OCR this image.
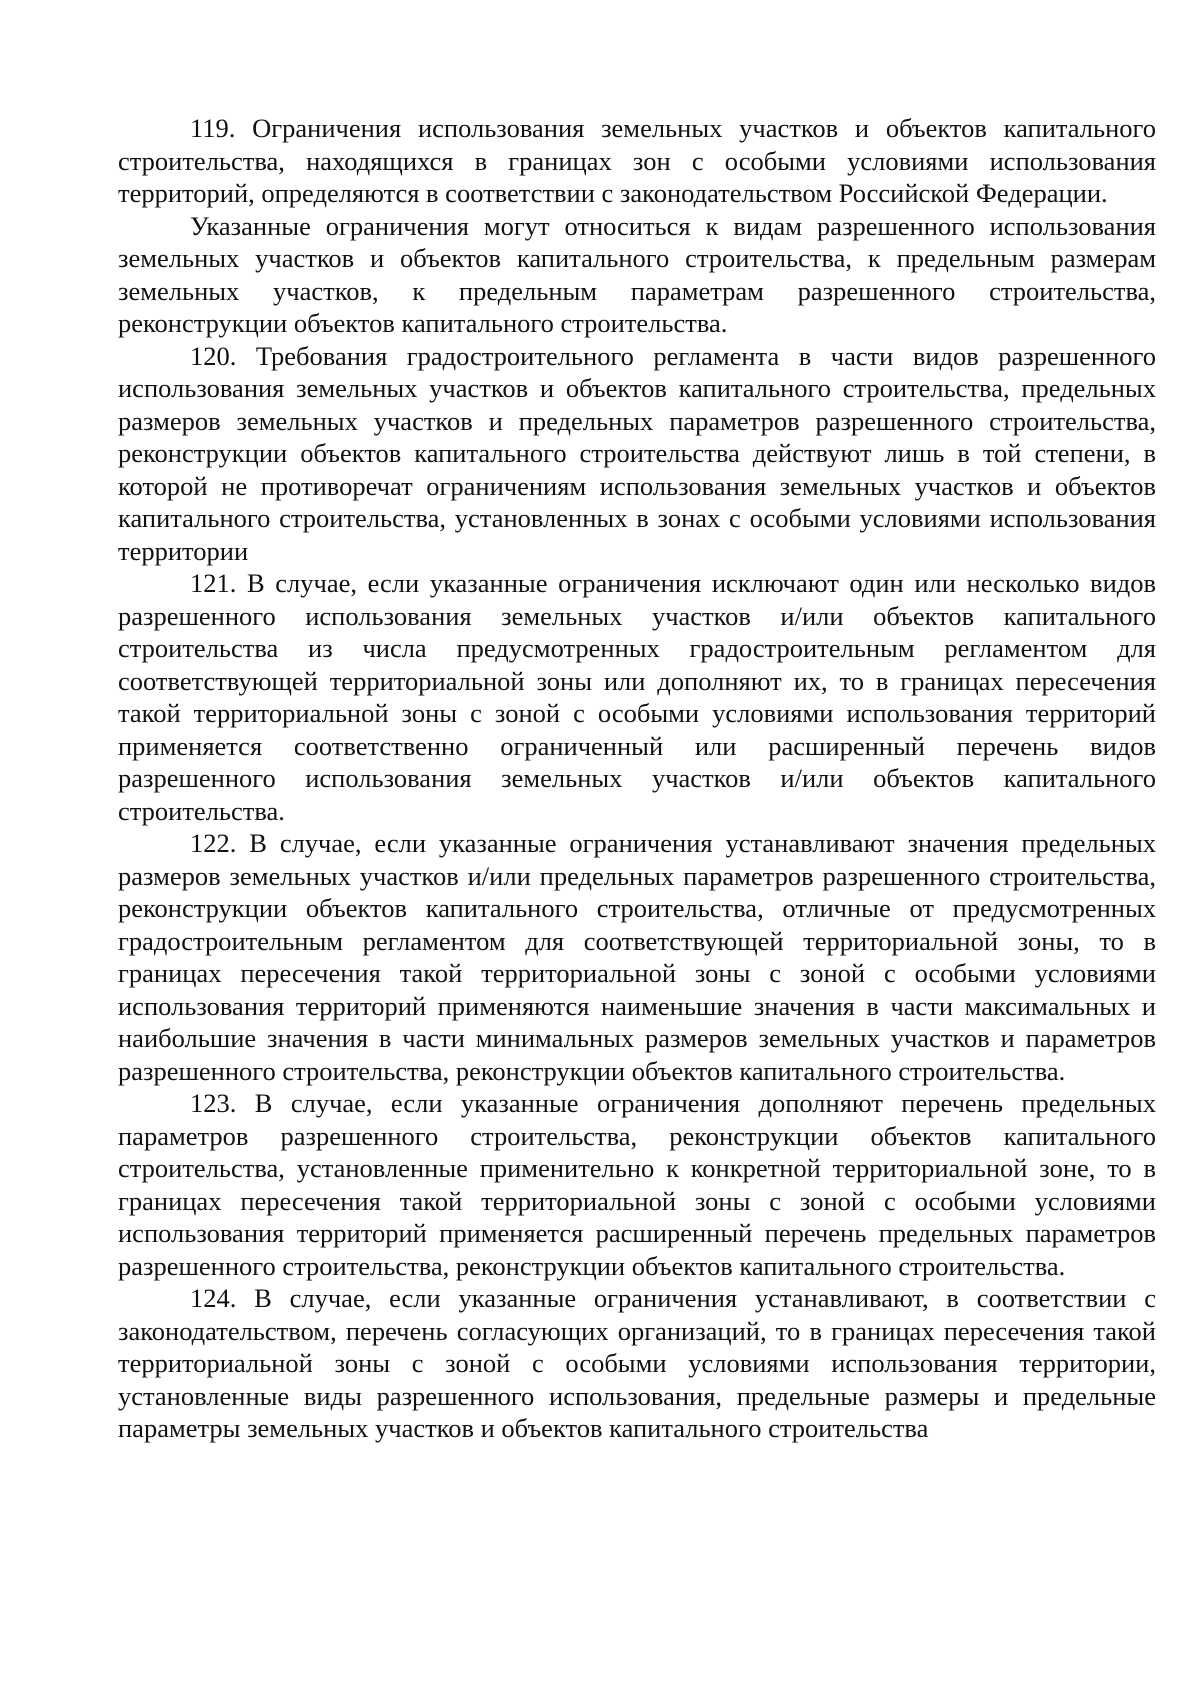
119. Ограничения использования земельных участков и объектов капитального строительства, находящихся в границах зон с особыми условиями использования территорий, определяются в соответствии с законодательством Российской Федерации.

Указанные ограничения могут относиться к видам разрешенного использования земельных участков и объектов капитального строительства, к предельным размерам земельных участков, к предельным параметрам разрешенного строительства, реконструкции объектов капитального строительства.

120. Требования градостроительного регламента в части видов разрешенного использования земельных участков и объектов капитального строительства, предельных размеров земельных участков и предельных параметров разрешенного строительства, реконструкции объектов капитального строительства действуют лишь в той степени, в которой не противоречат ограничениям использования земельных участков и объектов капитального строительства, установленных в зонах с особыми условиями использования территории

121. В случае, если указанные ограничения исключают один или несколько видов разрешенного использования земельных участков и/или объектов капитального строительства из числа предусмотренных градостроительным регламентом для соответствующей территориальной зоны или дополняют их, то в границах пересечения такой территориальной зоны с зоной с особыми условиями использования территорий применяется соответственно ограниченный или расширенный перечень видов разрешенного использования земельных участков и/или объектов капитального строительства.

122. В случае, если указанные ограничения устанавливают значения предельных размеров земельных участков и/или предельных параметров разрешенного строительства, реконструкции объектов капитального строительства, отличные от предусмотренных градостроительным регламентом для соответствующей территориальной зоны, то в границах пересечения такой территориальной зоны с зоной с особыми условиями использования территорий применяются наименьшие значения в части максимальных и наибольшие значения в части минимальных размеров земельных участков и параметров разрешенного строительства, реконструкции объектов капитального строительства.

123. В случае, если указанные ограничения дополняют перечень предельных параметров разрешенного строительства, реконструкции объектов капитального строительства, установленные применительно к конкретной территориальной зоне, то в границах пересечения такой территориальной зоны с зоной с особыми условиями использования территорий применяется расширенный перечень предельных параметров разрешенного строительства, реконструкции объектов капитального строительства.

124. В случае, если указанные ограничения устанавливают, в соответствии с законодательством, перечень согласующих организаций, то в границах пересечения такой территориальной зоны с зоной с особыми условиями использования территории, установленные виды разрешенного использования, предельные размеры и предельные параметры земельных участков и объектов капитального строительства
